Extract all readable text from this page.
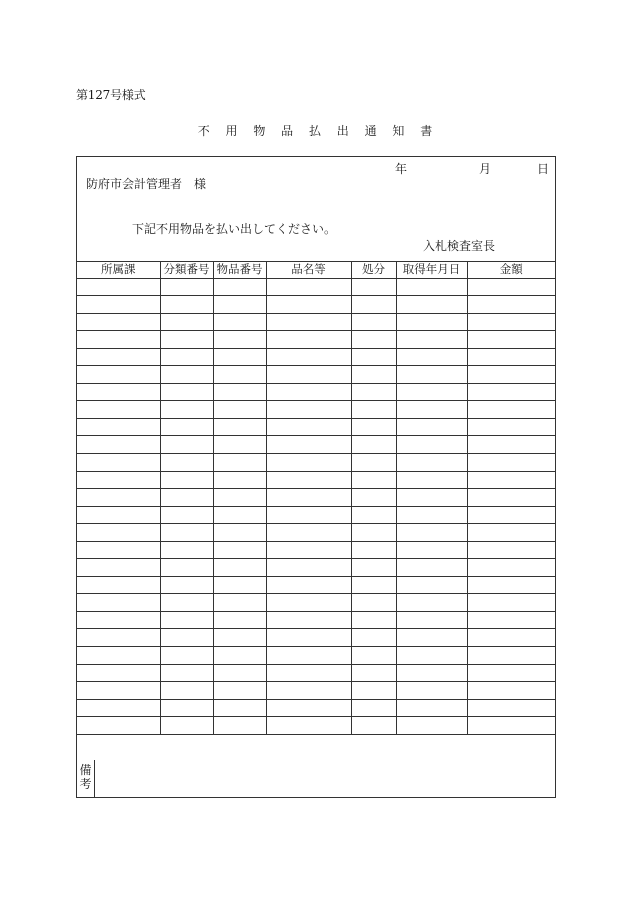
第127号様式
不 用 物 品 払 出 通 知 書
年	月	日
防府市会計管理者 様
下記不用物品を払い出してください。
入札検査室長
所属課	分類番号	物品番号	品名等	処分	取得年月日	金額

備
考
